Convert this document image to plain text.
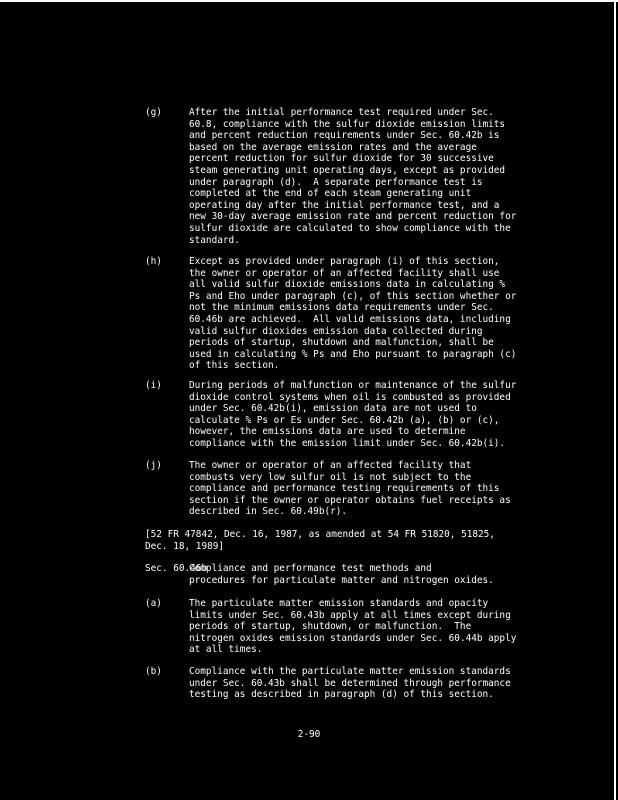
(g)	After the initial performance test required under Sec.
60.8, compliance with the sulfur dioxide emission limits
and percent reduction requirements under Sec. 60.42b is
based on the average emission rates and the average
percent reduction for sulfur dioxide for 30 successive
steam generating unit operating days, except as provided
under paragraph (d).  A separate performance test is
completed at the end of each steam generating unit
operating day after the initial performance test, and a
new 30-day average emission rate and percent reduction for
sulfur dioxide are calculated to show compliance with the
standard.
(h)	Except as provided under paragraph (i) of this section,
the owner or operator of an affected facility shall use
all valid sulfur dioxide emissions data in calculating %
Ps and Eho under paragraph (c), of this section whether or
not the minimum emissions data requirements under Sec.
60.46b are achieved.  All valid emissions data, including
valid sulfur dioxides emission data collected during
periods of startup, shutdown and malfunction, shall be
used in calculating % Ps and Eho pursuant to paragraph (c)
of this section.
(i)	During periods of malfunction or maintenance of the sulfur
dioxide control systems when oil is combusted as provided
under Sec. 60.42b(i), emission data are not used to
calculate % Ps or Es under Sec. 60.42b (a), (b) or (c),
however, the emissions data are used to determine
compliance with the emission limit under Sec. 60.42b(i).
(j)	The owner or operator of an affected facility that
combusts very low sulfur oil is not subject to the
compliance and performance testing requirements of this
section if the owner or operator obtains fuel receipts as
described in Sec. 60.49b(r).
[52 FR 47842, Dec. 16, 1987, as amended at 54 FR 51820, 51825,
Dec. 18, 1989]
Sec. 60.46b
Compliance and performance test methods and
procedures for particulate matter and nitrogen oxides.
(a)	The particulate matter emission standards and opacity
limits under Sec. 60.43b apply at all times except during
periods of startup, shutdown, or malfunction.  The
nitrogen oxides emission standards under Sec. 60.44b apply
at all times.
(b)	Compliance with the particulate matter emission standards
under Sec. 60.43b shall be determined through performance
testing as described in paragraph (d) of this section.
2-90
